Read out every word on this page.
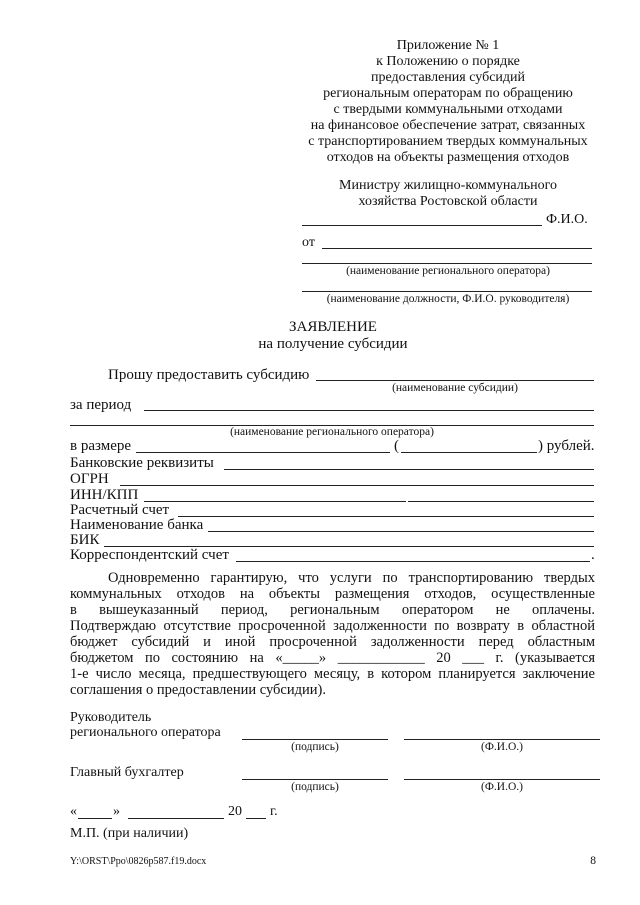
Приложение № 1
к Положению о порядке
предоставления субсидий
региональным операторам по обращению
с твердыми коммунальными отходами
на финансовое обеспечение затрат, связанных
с транспортированием твердых коммунальных
отходов на объекты размещения отходов
Министру жилищно-коммунального
хозяйства Ростовской области
Ф.И.О.
от
(наименование регионального оператора)
(наименование должности, Ф.И.О. руководителя)
ЗАЯВЛЕНИЕ
на получение субсидии
Прошу предоставить субсидию
(наименование субсидии)
за период
(наименование регионального оператора)
в размере	(	) рублей.
Банковские реквизиты
ОГРН
ИНН/КПП
Расчетный счет
Наименование банка
БИК
Корреспондентский счет	.
Одновременно гарантирую, что услуги по транспортированию твердых
коммунальных отходов на объекты размещения отходов, осуществленные
в вышеуказанный период, региональным оператором не оплачены.
Подтверждаю отсутствие просроченной задолженности по возврату в областной
бюджет субсидий и иной просроченной задолженности перед областным
бюджетом по состоянию на «_____» ____________ 20 ___ г. (указывается
1-е число месяца, предшествующего месяцу, в котором планируется заключение
соглашения о предоставлении субсидии).
Руководитель
регионального оператора
(подпись)	(Ф.И.О.)
Главный бухгалтер
(подпись)	(Ф.И.О.)
«	»	20 г.
М.П. (при наличии)
Y:\ORST\Ppo\0826p587.f19.docx	8
